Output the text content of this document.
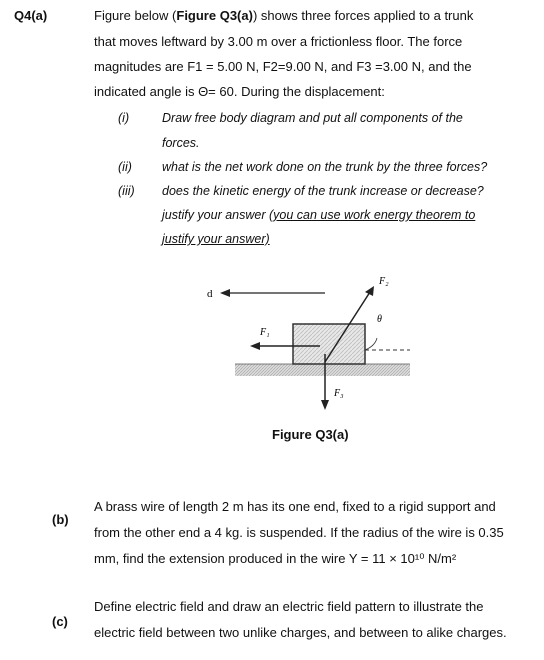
Q4(a)	Figure below (Figure Q3(a)) shows three forces applied to a trunk
that moves leftward by 3.00 m over a frictionless floor. The force
magnitudes are F1 = 5.00 N, F2=9.00 N, and F3 =3.00 N, and the
indicated angle is Θ= 60. During the displacement:
(i)	Draw free body diagram and put all components of the
forces.
(ii) what is the net work done on the trunk by the three forces?
(iii) does the kinetic energy of the trunk increase or decrease?
justify your answer (you can use work energy theorem to
justify your answer)
d
F₁
F₂
θ
F₃
Figure Q3(a)
(b)
A brass wire of length 2 m has its one end, fixed to a rigid support and
from the other end a 4 kg. is suspended. If the radius of the wire is 0.35
mm, find the extension produced in the wire Y = 11 × 10¹⁰ N/m²
(c)
Define electric field and draw an electric field pattern to illustrate the
electric field between two unlike charges, and between to alike charges.
